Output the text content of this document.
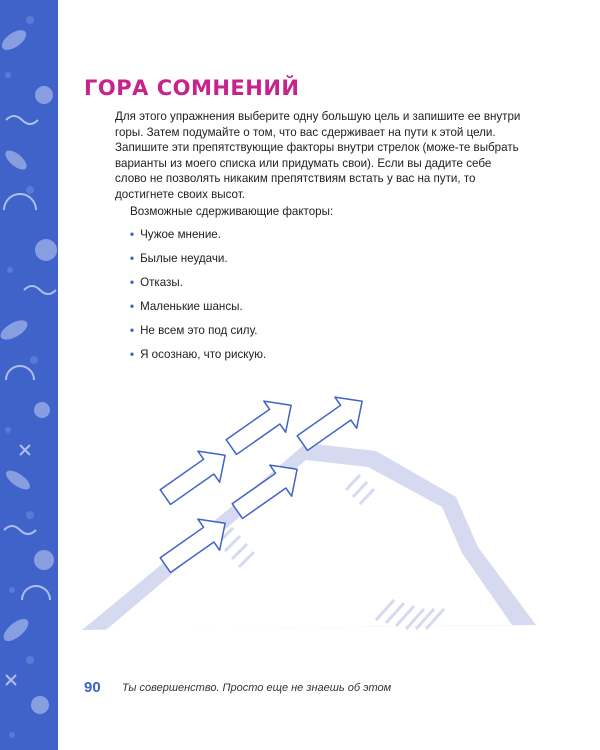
ГОРА СОМНЕНИЙ

Для этого упражнения выберите одну большую цель и запишите ее внутри горы. Затем подумайте о том, что вас сдерживает на пути к этой цели. Запишите эти препятствующие факторы внутри стрелок (може-те выбрать варианты из моего списка или придумать свои). Если вы дадите себе слово не позволять никаким препятствиям встать у вас на пути, то достигнете своих высот.

Возможные сдерживающие факторы:

• Чужое мнение.
• Былые неудачи.
• Отказы.
• Маленькие шансы.
• Не всем это под силу.
• Я осознаю, что рискую.
90 Ты совершенство. Просто еще не знаешь об этом
